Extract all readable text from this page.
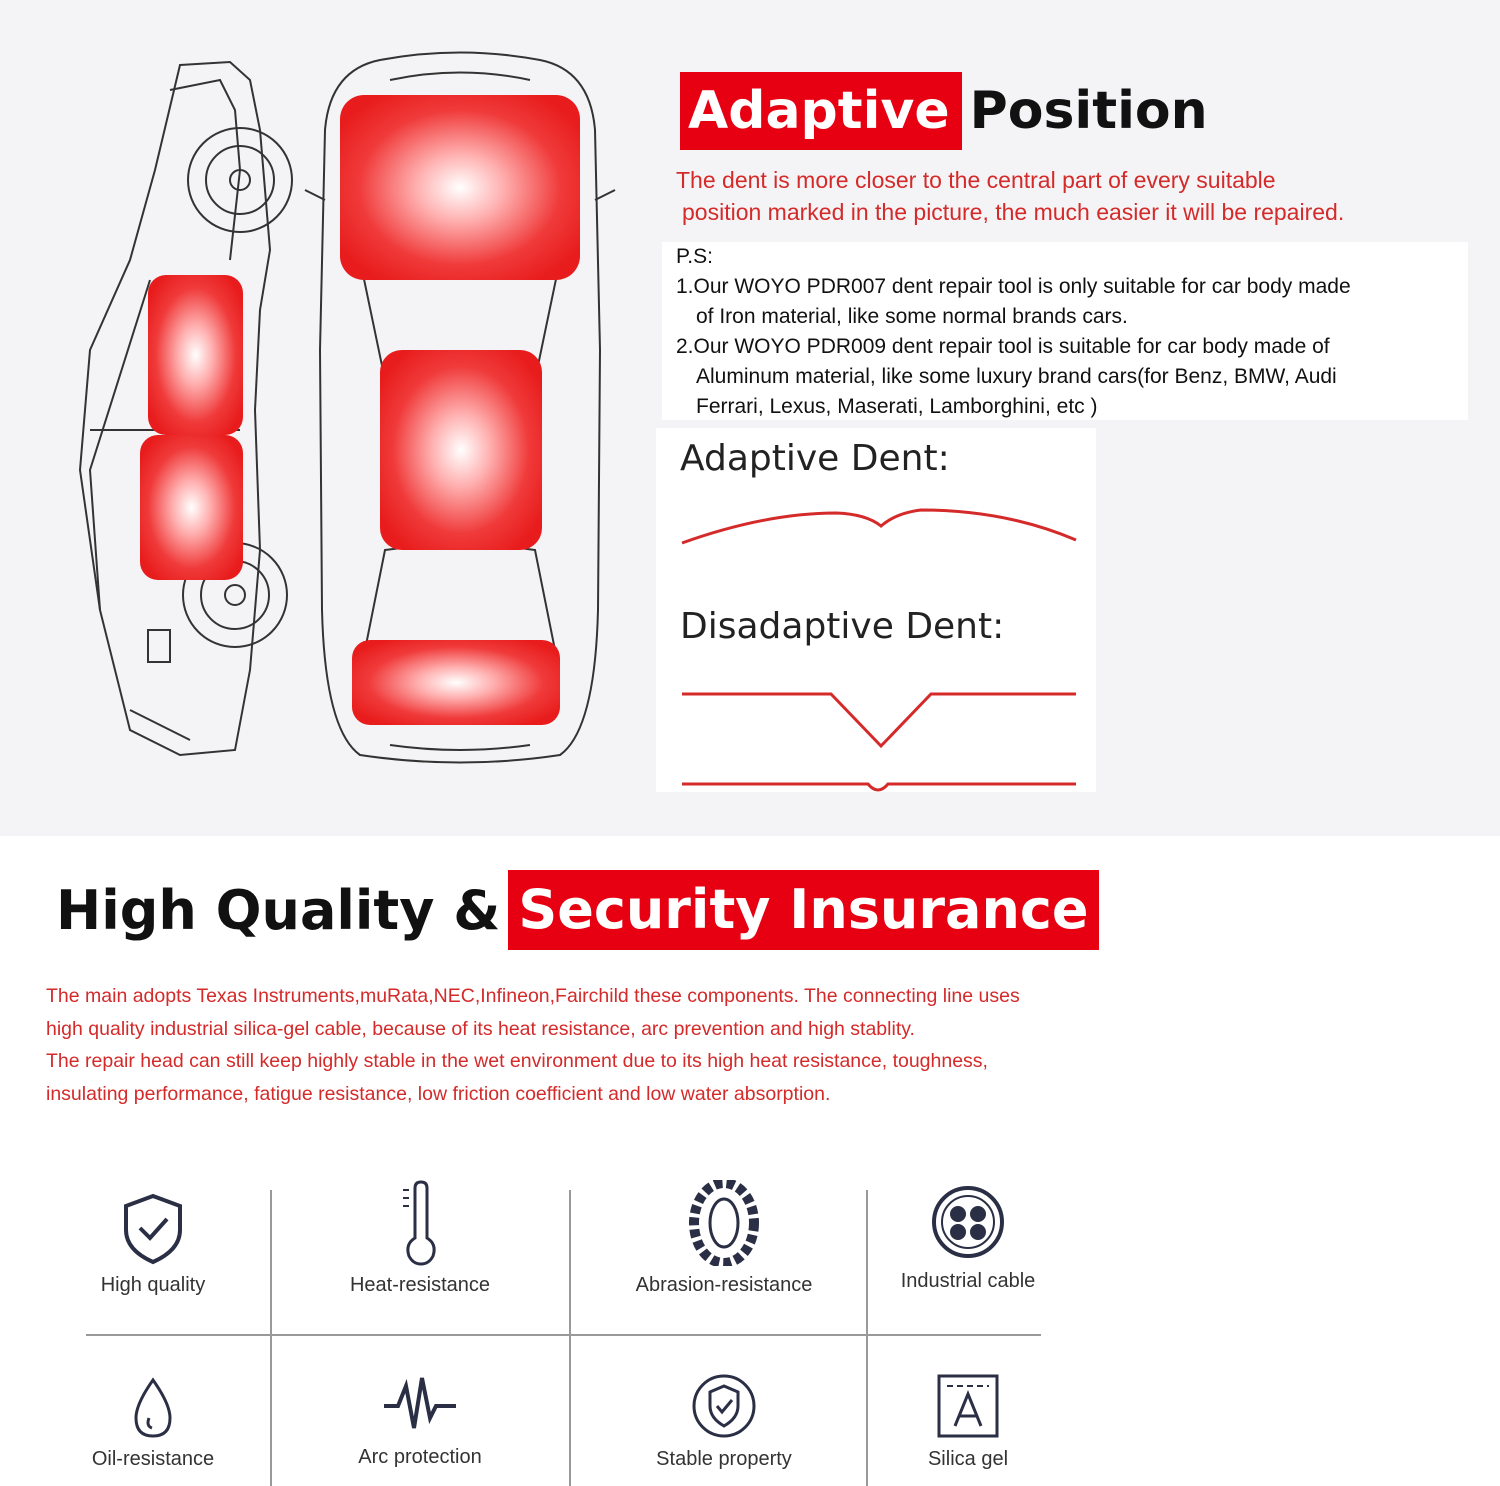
Adaptive Position
The dent is more closer to the central part of every suitable
position marked in the picture, the much easier it will be repaired.
P.S:
1.Our WOYO PDR007 dent repair tool is only suitable for car body made
of Iron material, like some normal brands cars.
2.Our WOYO PDR009 dent repair tool is suitable for car body made of
Aluminum material, like some luxury brand cars(for Benz, BMW, Audi
Ferrari, Lexus, Maserati, Lamborghini, etc )
Adaptive Dent:
Disadaptive Dent:
High Quality & Security Insurance
The main adopts Texas Instruments,muRata,NEC,Infineon,Fairchild these components. The connecting line uses
high quality industrial silica-gel cable, because of its heat resistance, arc prevention and high stablity.
The repair head can still keep highly stable in the wet environment due to its high heat resistance, toughness,
insulating performance, fatigue resistance, low friction coefficient and low water absorption.
High quality	Heat-resistance	Abrasion-resistance	Industrial cable
Oil-resistance	Arc protection	Stable property	Silica gel
